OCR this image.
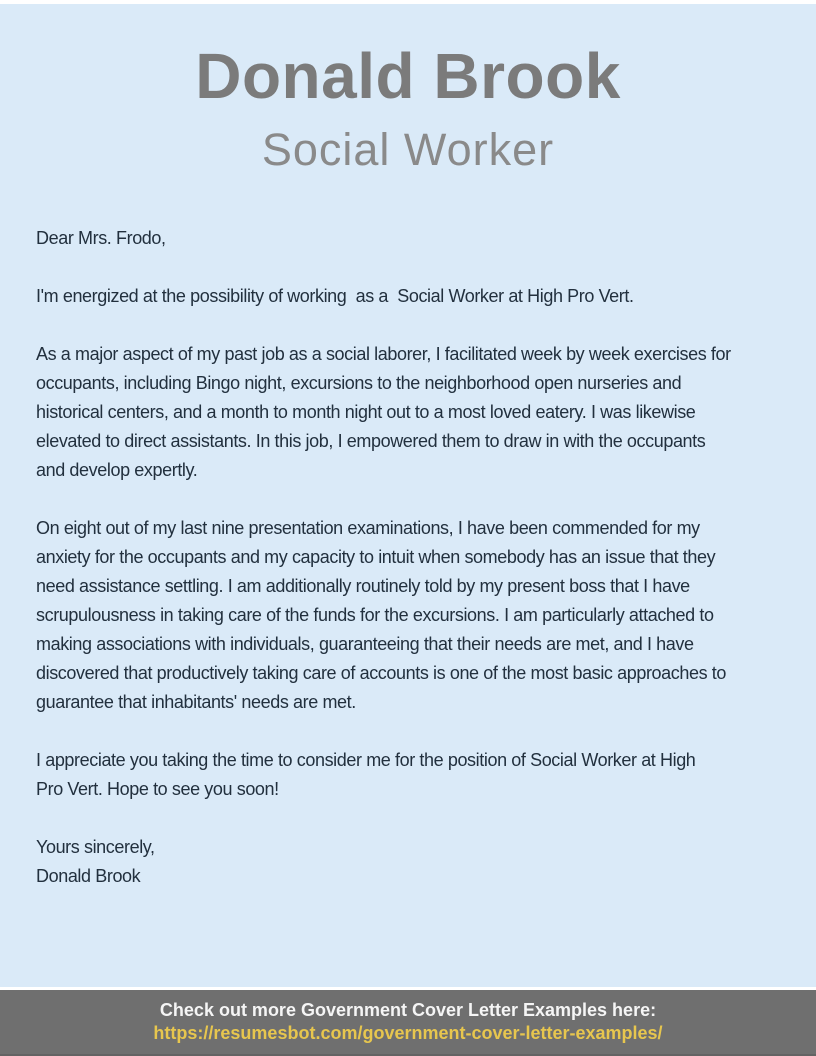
Donald Brook
Social Worker
Dear Mrs. Frodo,
I'm energized at the possibility of working  as a  Social Worker at High Pro Vert.
As a major aspect of my past job as a social laborer, I facilitated week by week exercises for
occupants, including Bingo night, excursions to the neighborhood open nurseries and
historical centers, and a month to month night out to a most loved eatery. I was likewise
elevated to direct assistants. In this job, I empowered them to draw in with the occupants
and develop expertly.
On eight out of my last nine presentation examinations, I have been commended for my
anxiety for the occupants and my capacity to intuit when somebody has an issue that they
need assistance settling. I am additionally routinely told by my present boss that I have
scrupulousness in taking care of the funds for the excursions. I am particularly attached to
making associations with individuals, guaranteeing that their needs are met, and I have
discovered that productively taking care of accounts is one of the most basic approaches to
guarantee that inhabitants' needs are met.
I appreciate you taking the time to consider me for the position of Social Worker at High
Pro Vert. Hope to see you soon!
Yours sincerely,
Donald Brook
Check out more Government Cover Letter Examples here:
https://resumesbot.com/government-cover-letter-examples/
